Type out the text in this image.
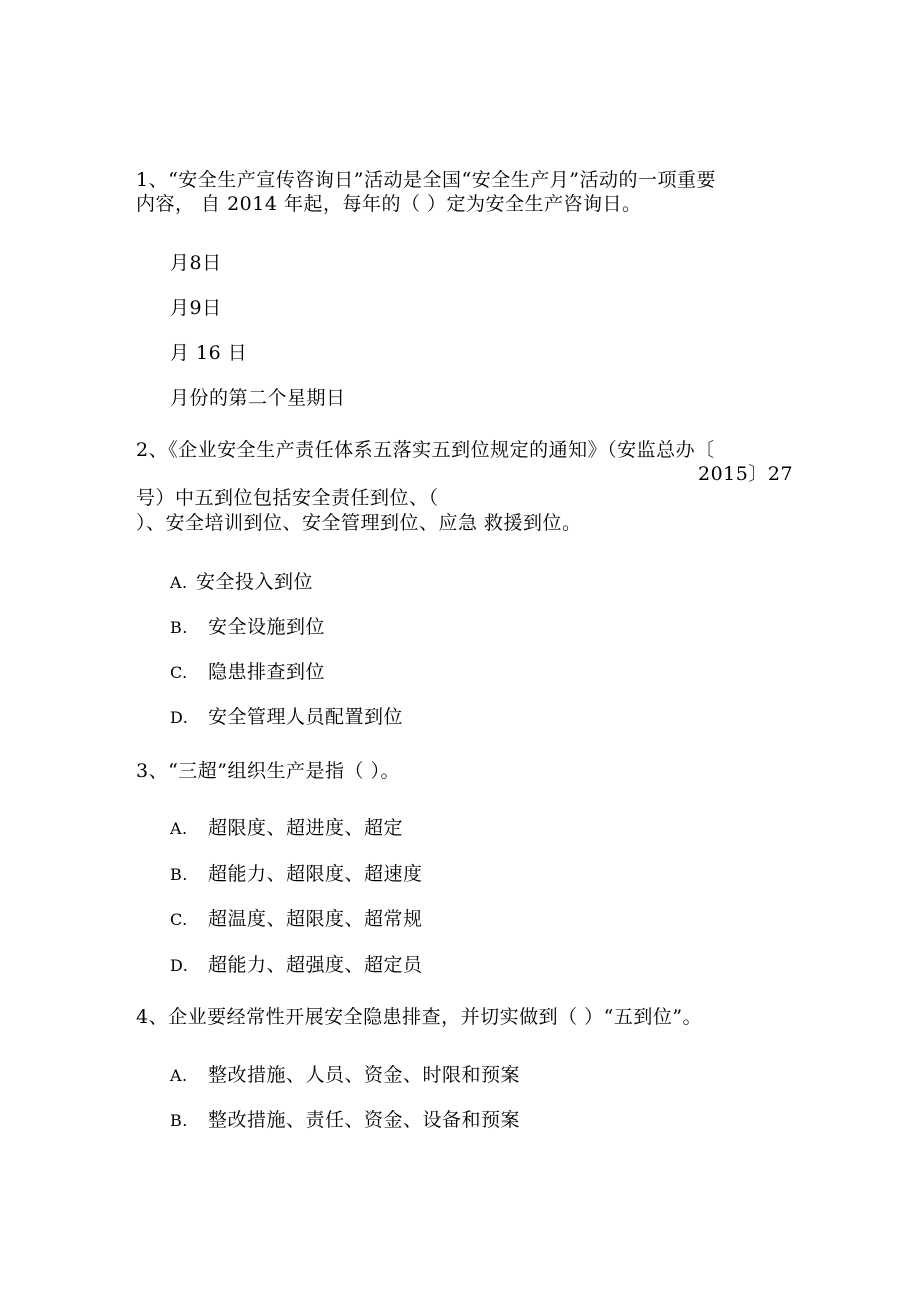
1、“安全生产宣传咨询日”活动是全国“安全生产月”活动的一项重要
内容， 自 2014 年起，每年的（ ）定为安全生产咨询日。
月8日
月9日
月 16 日
月份的第二个星期日
2、《企业安全生产责任体系五落实五到位规定的通知》（安监总办〔
2015〕27
号）中五到位包括安全责任到位、（
）、安全培训到位、安全管理到位、应急 救援到位。
A. 安全投入到位
B. 安全设施到位
C. 隐患排查到位
D. 安全管理人员配置到位
3、“三超”组织生产是指（ ）。
A. 超限度、超进度、超定
B. 超能力、超限度、超速度
C. 超温度、超限度、超常规
D. 超能力、超强度、超定员
4、企业要经常性开展安全隐患排查，并切实做到（ ）“五到位”。
A. 整改措施、人员、资金、时限和预案
B. 整改措施、责任、资金、设备和预案
